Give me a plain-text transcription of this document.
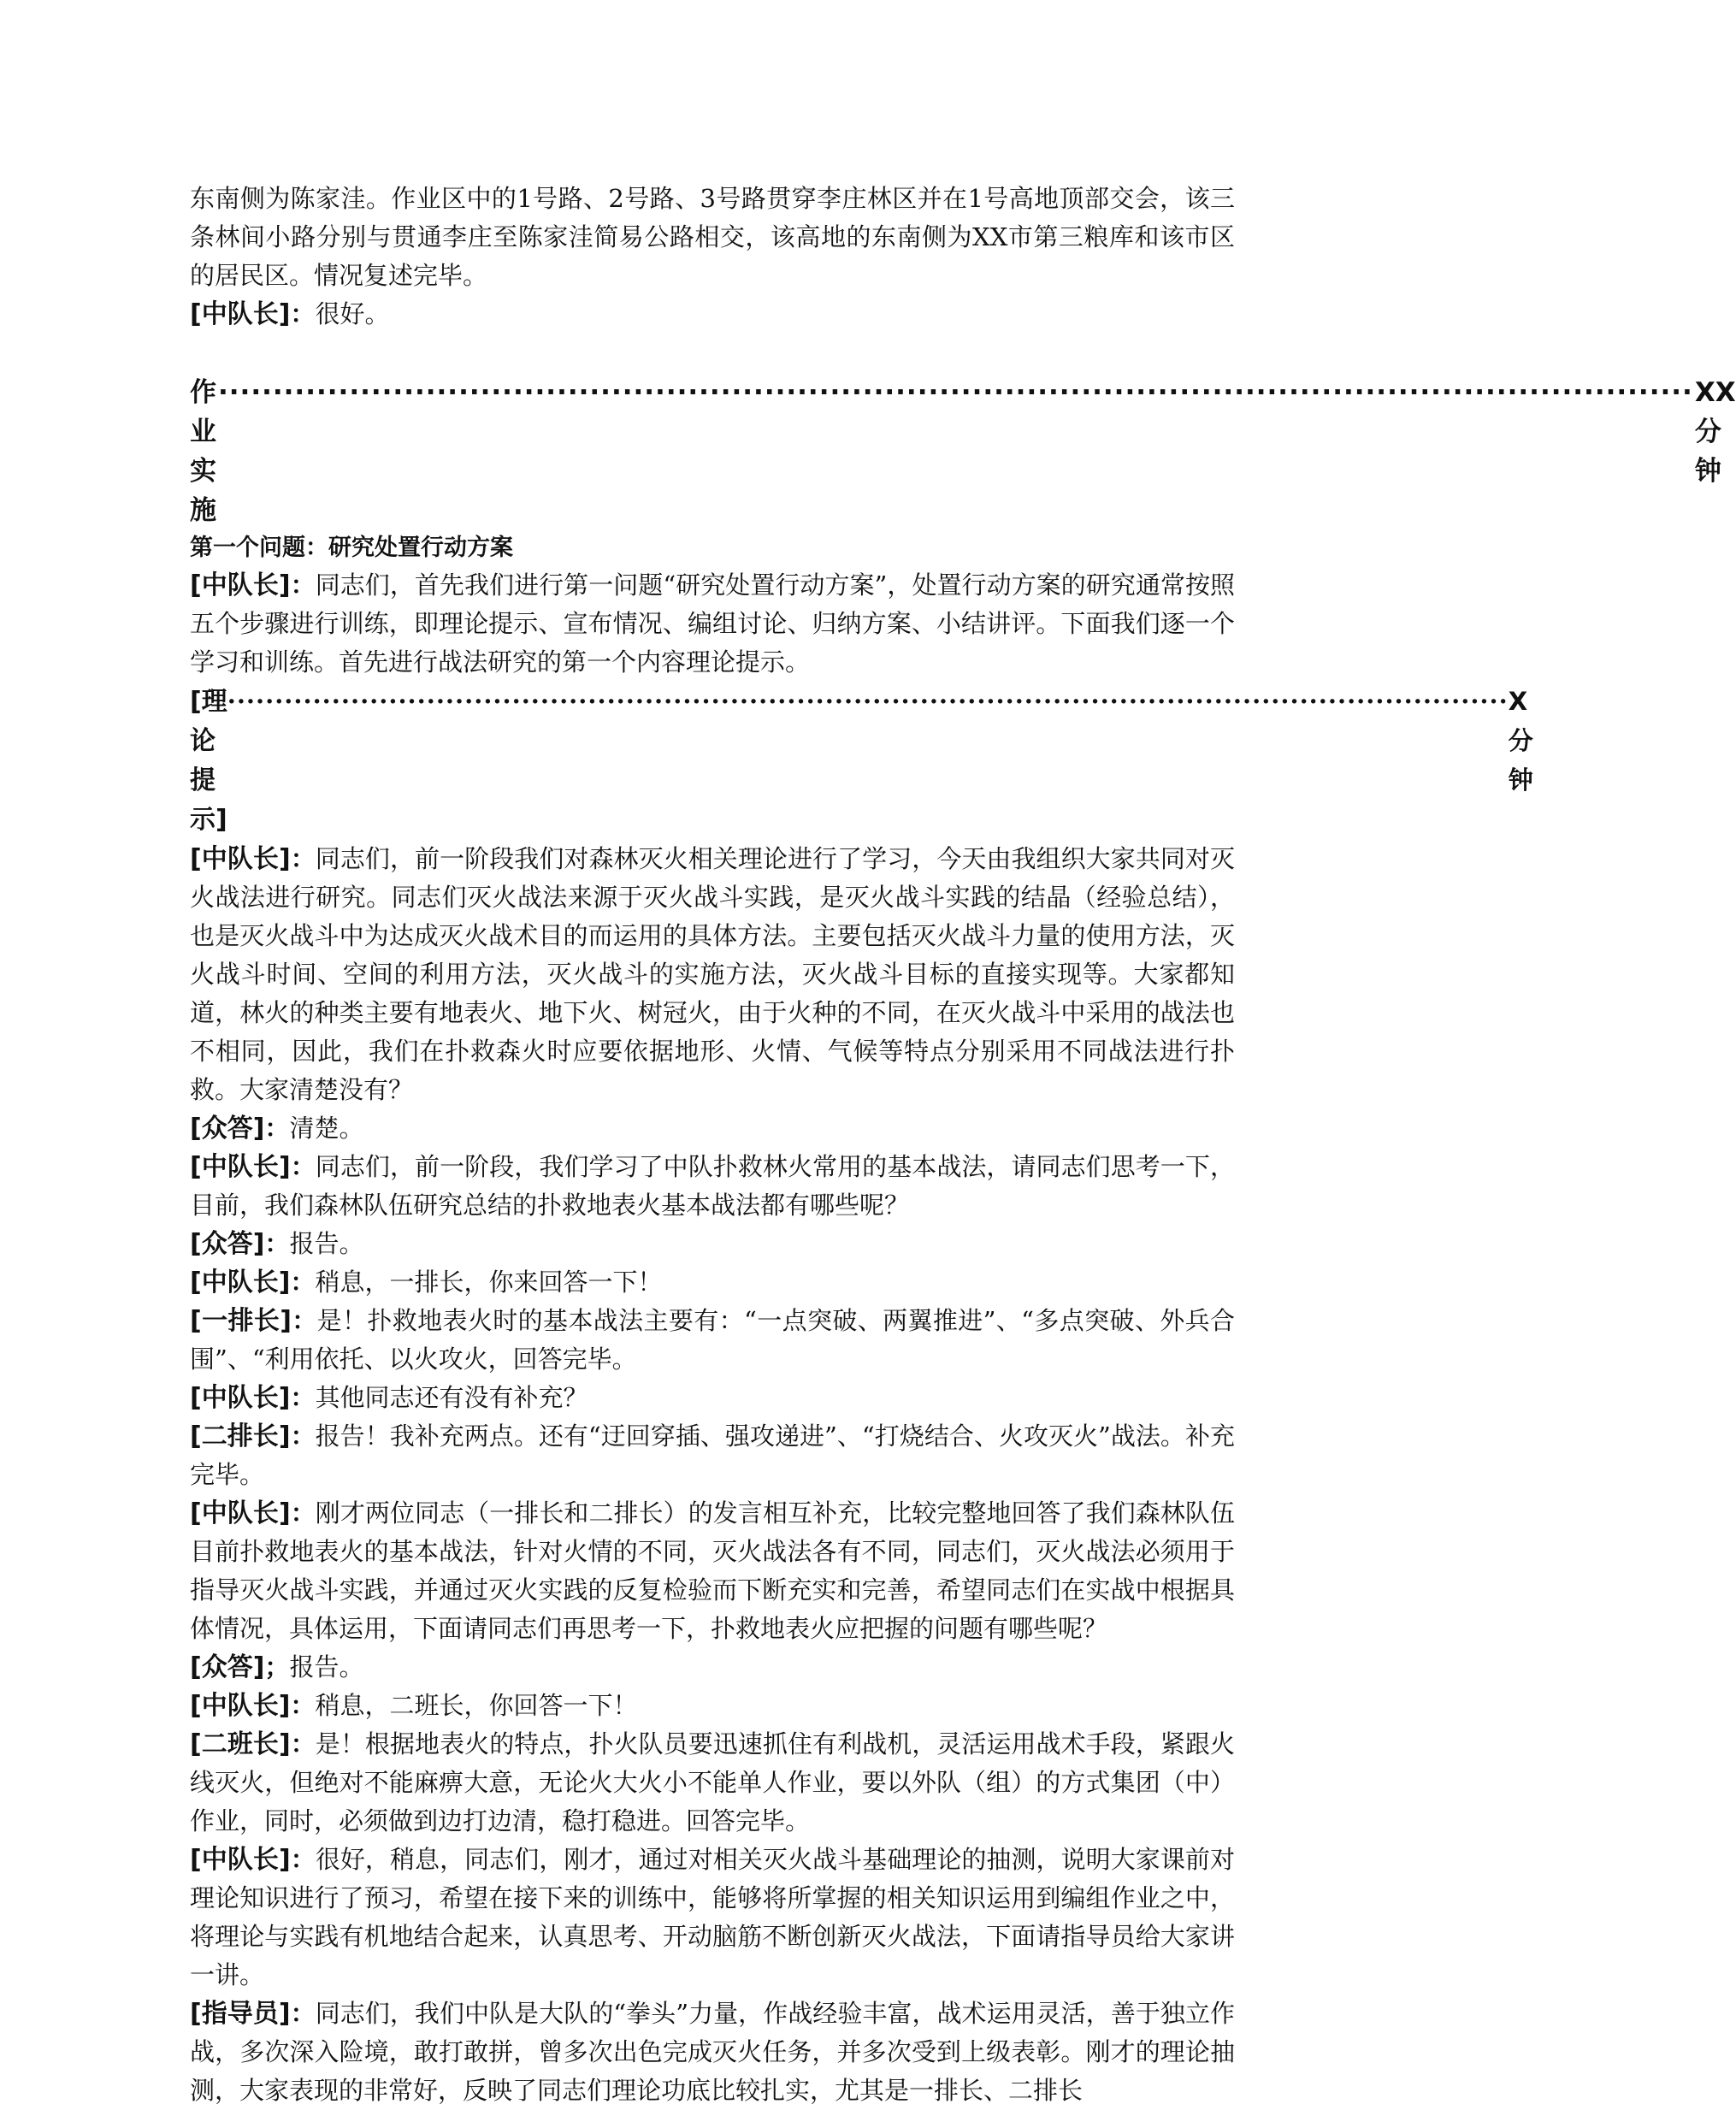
东南侧为陈家洼。作业区中的1号路、2号路、3号路贯穿李庄林区并在1号高地顶部交会，该三条林间小路分别与贯通李庄至陈家洼简易公路相交，该高地的东南侧为XX市第三粮库和该市区的居民区。情况复述完毕。

[中队长]：很好。

作业实施
······································································································································· XX分钟
第一个问题：研究处置行动方案

[中队长]：同志们，首先我们进行第一问题“研究处置行动方案”，处置行动方案的研究通常按照五个步骤进行训练，即理论提示、宣布情况、编组讨论、归纳方案、小结讲评。下面我们逐一个学习和训练。首先进行战法研究的第一个内容理论提示。

[理论提示]
······································································································································· X分钟

[中队长]：同志们，前一阶段我们对森林灭火相关理论进行了学习，今天由我组织大家共同对灭火战法进行研究。同志们灭火战法来源于灭火战斗实践，是灭火战斗实践的结晶（经验总结），也是灭火战斗中为达成灭火战术目的而运用的具体方法。主要包括灭火战斗力量的使用方法，灭火战斗时间、空间的利用方法，灭火战斗的实施方法，灭火战斗目标的直接实现等。大家都知道，林火的种类主要有地表火、地下火、树冠火，由于火种的不同，在灭火战斗中采用的战法也不相同，因此，我们在扑救森火时应要依据地形、火情、气候等特点分别采用不同战法进行扑救。大家清楚没有？

[众答]：清楚。

[中队长]：同志们，前一阶段，我们学习了中队扑救林火常用的基本战法，请同志们思考一下，目前，我们森林队伍研究总结的扑救地表火基本战法都有哪些呢？

[众答]：报告。

[中队长]：稍息，一排长，你来回答一下！

[一排长]：是！扑救地表火时的基本战法主要有：“一点突破、两翼推进”、“多点突破、外兵合围”、“利用依托、以火攻火，回答完毕。

[中队长]：其他同志还有没有补充？

[二排长]：报告！我补充两点。还有“迂回穿插、强攻递进”、“打烧结合、火攻灭火”战法。补充完毕。

[中队长]：刚才两位同志（一排长和二排长）的发言相互补充，比较完整地回答了我们森林队伍目前扑救地表火的基本战法，针对火情的不同，灭火战法各有不同，同志们，灭火战法必须用于指导灭火战斗实践，并通过灭火实践的反复检验而下断充实和完善，希望同志们在实战中根据具体情况，具体运用，下面请同志们再思考一下，扑救地表火应把握的问题有哪些呢？

[众答]；报告。

[中队长]：稍息，二班长，你回答一下！

[二班长]：是！根据地表火的特点，扑火队员要迅速抓住有利战机，灵活运用战术手段，紧跟火线灭火，但绝对不能麻痹大意，无论火大火小不能单人作业，要以外队（组）的方式集团（中）作业，同时，必须做到边打边清，稳打稳进。回答完毕。

[中队长]：很好，稍息，同志们，刚才，通过对相关灭火战斗基础理论的抽测，说明大家课前对理论知识进行了预习，希望在接下来的训练中，能够将所掌握的相关知识运用到编组作业之中，将理论与实践有机地结合起来，认真思考、开动脑筋不断创新灭火战法，下面请指导员给大家讲一讲。

[指导员]：同志们，我们中队是大队的“拳头”力量，作战经验丰富，战术运用灵活，善于独立作战，多次深入险境，敢打敢拼，曾多次出色完成灭火任务，并多次受到上级表彰。刚才的理论抽测，大家表现的非常好，反映了同志们理论功底比较扎实，尤其是一排长、二排长
